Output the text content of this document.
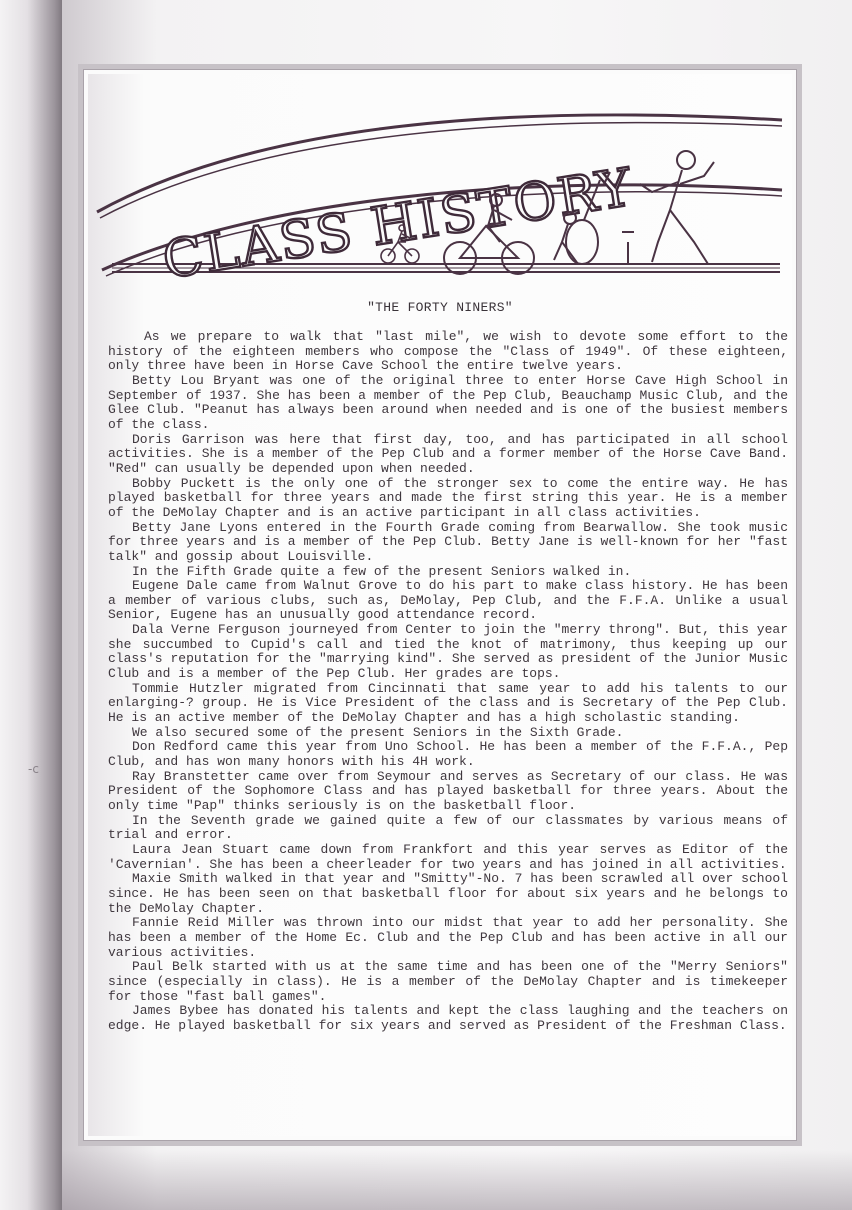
-c
CLASS HISTORY
"THE FORTY NINERS"

As we prepare to walk that "last mile", we wish to devote some effort to the history of the eighteen members who compose the "Class of 1949". Of these eighteen, only three have been in Horse Cave School the entire twelve years.

Betty Lou Bryant was one of the original three to enter Horse Cave High School in September of 1937. She has been a member of the Pep Club, Beauchamp Music Club, and the Glee Club. "Peanut has always been around when needed and is one of the busiest members of the class.

Doris Garrison was here that first day, too, and has participated in all school activities. She is a member of the Pep Club and a former member of the Horse Cave Band. "Red" can usually be depended upon when needed.

Bobby Puckett is the only one of the stronger sex to come the entire way. He has played basketball for three years and made the first string this year. He is a member of the DeMolay Chapter and is an active participant in all class activities.

Betty Jane Lyons entered in the Fourth Grade coming from Bearwallow. She took music for three years and is a member of the Pep Club. Betty Jane is well-known for her "fast talk" and gossip about Louisville.

In the Fifth Grade quite a few of the present Seniors walked in.

Eugene Dale came from Walnut Grove to do his part to make class history. He has been a member of various clubs, such as, DeMolay, Pep Club, and the F.F.A. Unlike a usual Senior, Eugene has an unusually good attendance record.

Dala Verne Ferguson journeyed from Center to join the "merry throng". But, this year she succumbed to Cupid's call and tied the knot of matrimony, thus keeping up our class's reputation for the "marrying kind". She served as president of the Junior Music Club and is a member of the Pep Club. Her grades are tops.

Tommie Hutzler migrated from Cincinnati that same year to add his talents to our enlarging-? group. He is Vice President of the class and is Secretary of the Pep Club. He is an active member of the DeMolay Chapter and has a high scholastic standing.

We also secured some of the present Seniors in the Sixth Grade.

Don Redford came this year from Uno School. He has been a member of the F.F.A., Pep Club, and has won many honors with his 4H work.

Ray Branstetter came over from Seymour and serves as Secretary of our class. He was President of the Sophomore Class and has played basketball for three years. About the only time "Pap" thinks seriously is on the basketball floor.

In the Seventh grade we gained quite a few of our classmates by various means of trial and error.

Laura Jean Stuart came down from Frankfort and this year serves as Editor of the 'Cavernian'. She has been a cheerleader for two years and has joined in all activities.

Maxie Smith walked in that year and "Smitty"-No. 7 has been scrawled all over school since. He has been seen on that basketball floor for about six years and he belongs to the DeMolay Chapter.

Fannie Reid Miller was thrown into our midst that year to add her personality. She has been a member of the Home Ec. Club and the Pep Club and has been active in all our various activities.

Paul Belk started with us at the same time and has been one of the "Merry Seniors" since (especially in class). He is a member of the DeMolay Chapter and is timekeeper for those "fast ball games".

James Bybee has donated his talents and kept the class laughing and the teachers on edge. He played basketball for six years and served as President of the Freshman Class.
